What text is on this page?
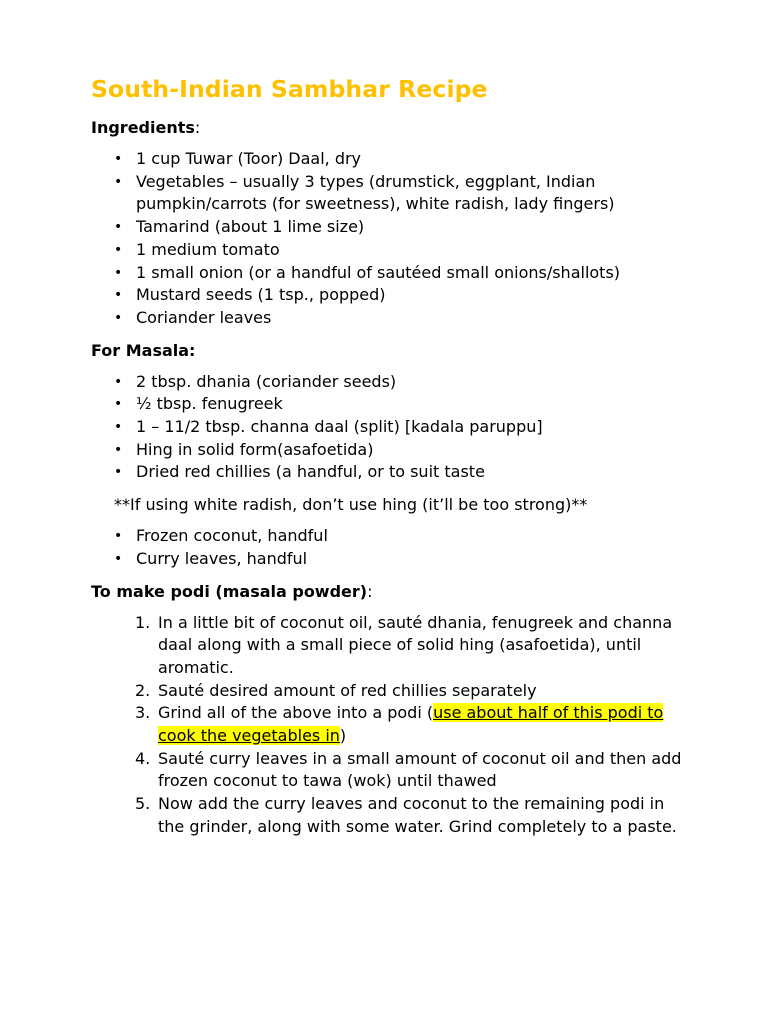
South-Indian Sambhar Recipe

Ingredients:

• 1 cup Tuwar (Toor) Daal, dry
• Vegetables – usually 3 types (drumstick, eggplant, Indian pumpkin/carrots (for sweetness), white radish, lady fingers)
• Tamarind (about 1 lime size)
• 1 medium tomato
• 1 small onion (or a handful of sautéed small onions/shallots)
• Mustard seeds (1 tsp., popped)
• Coriander leaves

For Masala:

• 2 tbsp. dhania (coriander seeds)
• ½ tbsp. fenugreek
• 1 – 11/2 tbsp. channa daal (split) [kadala paruppu]
• Hing in solid form(asafoetida)
• Dried red chillies (a handful, or to suit taste

**If using white radish, don’t use hing (it’ll be too strong)**

• Frozen coconut, handful
• Curry leaves, handful

To make podi (masala powder):

1. In a little bit of coconut oil, sauté dhania, fenugreek and channa daal along with a small piece of solid hing (asafoetida), until aromatic.
2. Sauté desired amount of red chillies separately
3. Grind all of the above into a podi (use about half of this podi to cook the vegetables in)
4. Sauté curry leaves in a small amount of coconut oil and then add frozen coconut to tawa (wok) until thawed
5. Now add the curry leaves and coconut to the remaining podi in the grinder, along with some water. Grind completely to a paste.
